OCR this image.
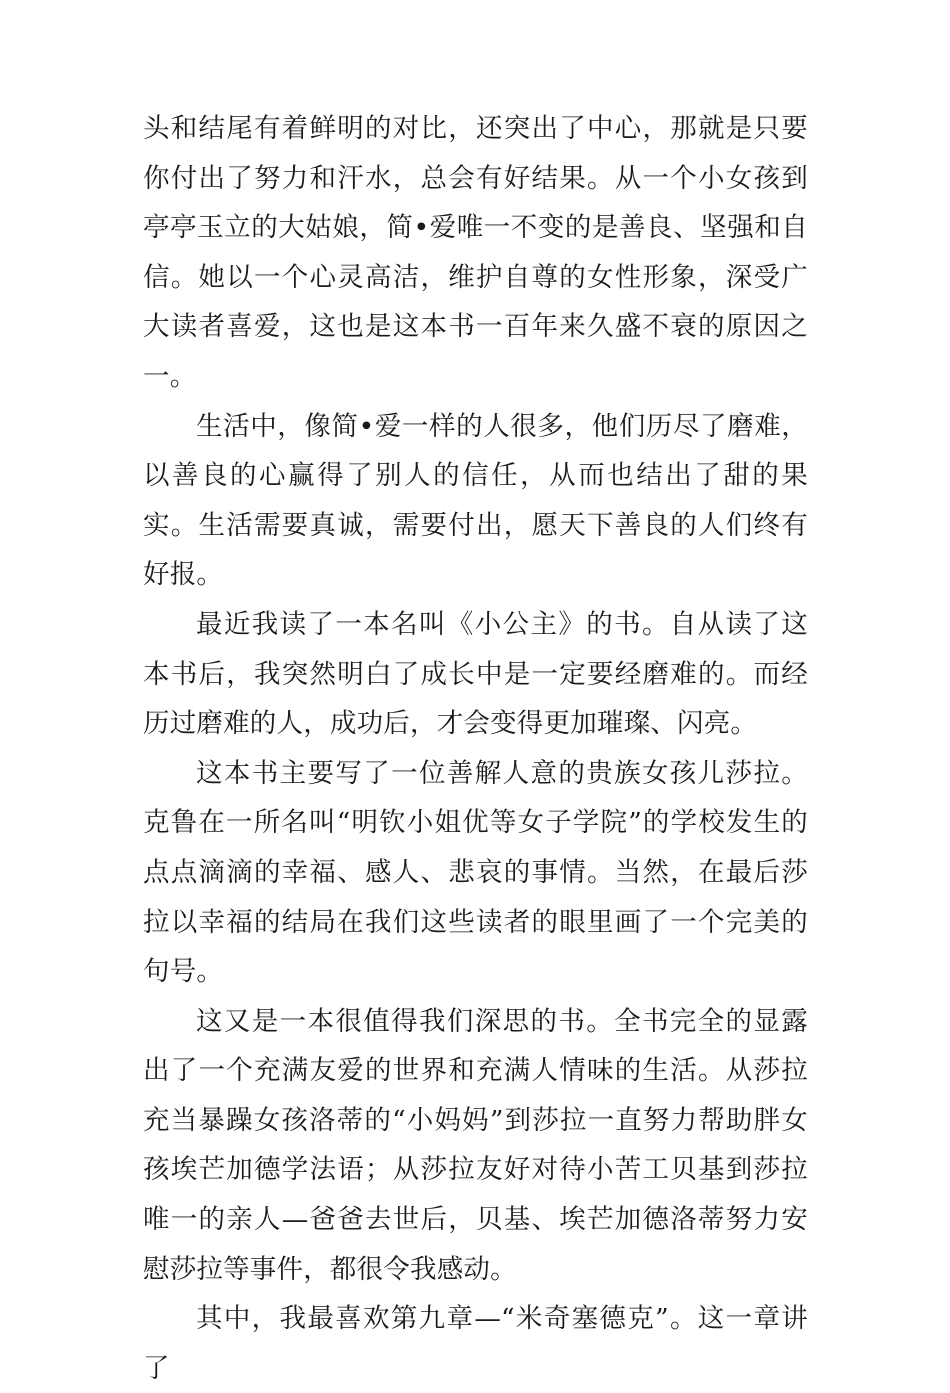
头和结尾有着鲜明的对比，还突出了中心，那就是只要你付出了努力和汗水，总会有好结果。从一个小女孩到亭亭玉立的大姑娘，简•爱唯一不变的是善良、坚强和自信。她以一个心灵高洁，维护自尊的女性形象，深受广大读者喜爱，这也是这本书一百年来久盛不衰的原因之一。

生活中，像简•爱一样的人很多，他们历尽了磨难，以善良的心赢得了别人的信任，从而也结出了甜的果实。生活需要真诚，需要付出，愿天下善良的人们终有好报。

最近我读了一本名叫《小公主》的书。自从读了这本书后，我突然明白了成长中是一定要经磨难的。而经历过磨难的人，成功后，才会变得更加璀璨、闪亮。

这本书主要写了一位善解人意的贵族女孩儿莎拉。克鲁在一所名叫“明钦小姐优等女子学院”的学校发生的点点滴滴的幸福、感人、悲哀的事情。当然，在最后莎拉以幸福的结局在我们这些读者的眼里画了一个完美的句号。

这又是一本很值得我们深思的书。全书完全的显露出了一个充满友爱的世界和充满人情味的生活。从莎拉充当暴躁女孩洛蒂的“小妈妈”到莎拉一直努力帮助胖女孩埃芒加德学法语；从莎拉友好对待小苦工贝基到莎拉唯一的亲人—爸爸去世后，贝基、埃芒加德洛蒂努力安慰莎拉等事件，都很令我感动。

其中，我最喜欢第九章—“米奇塞德克”。这一章讲了
